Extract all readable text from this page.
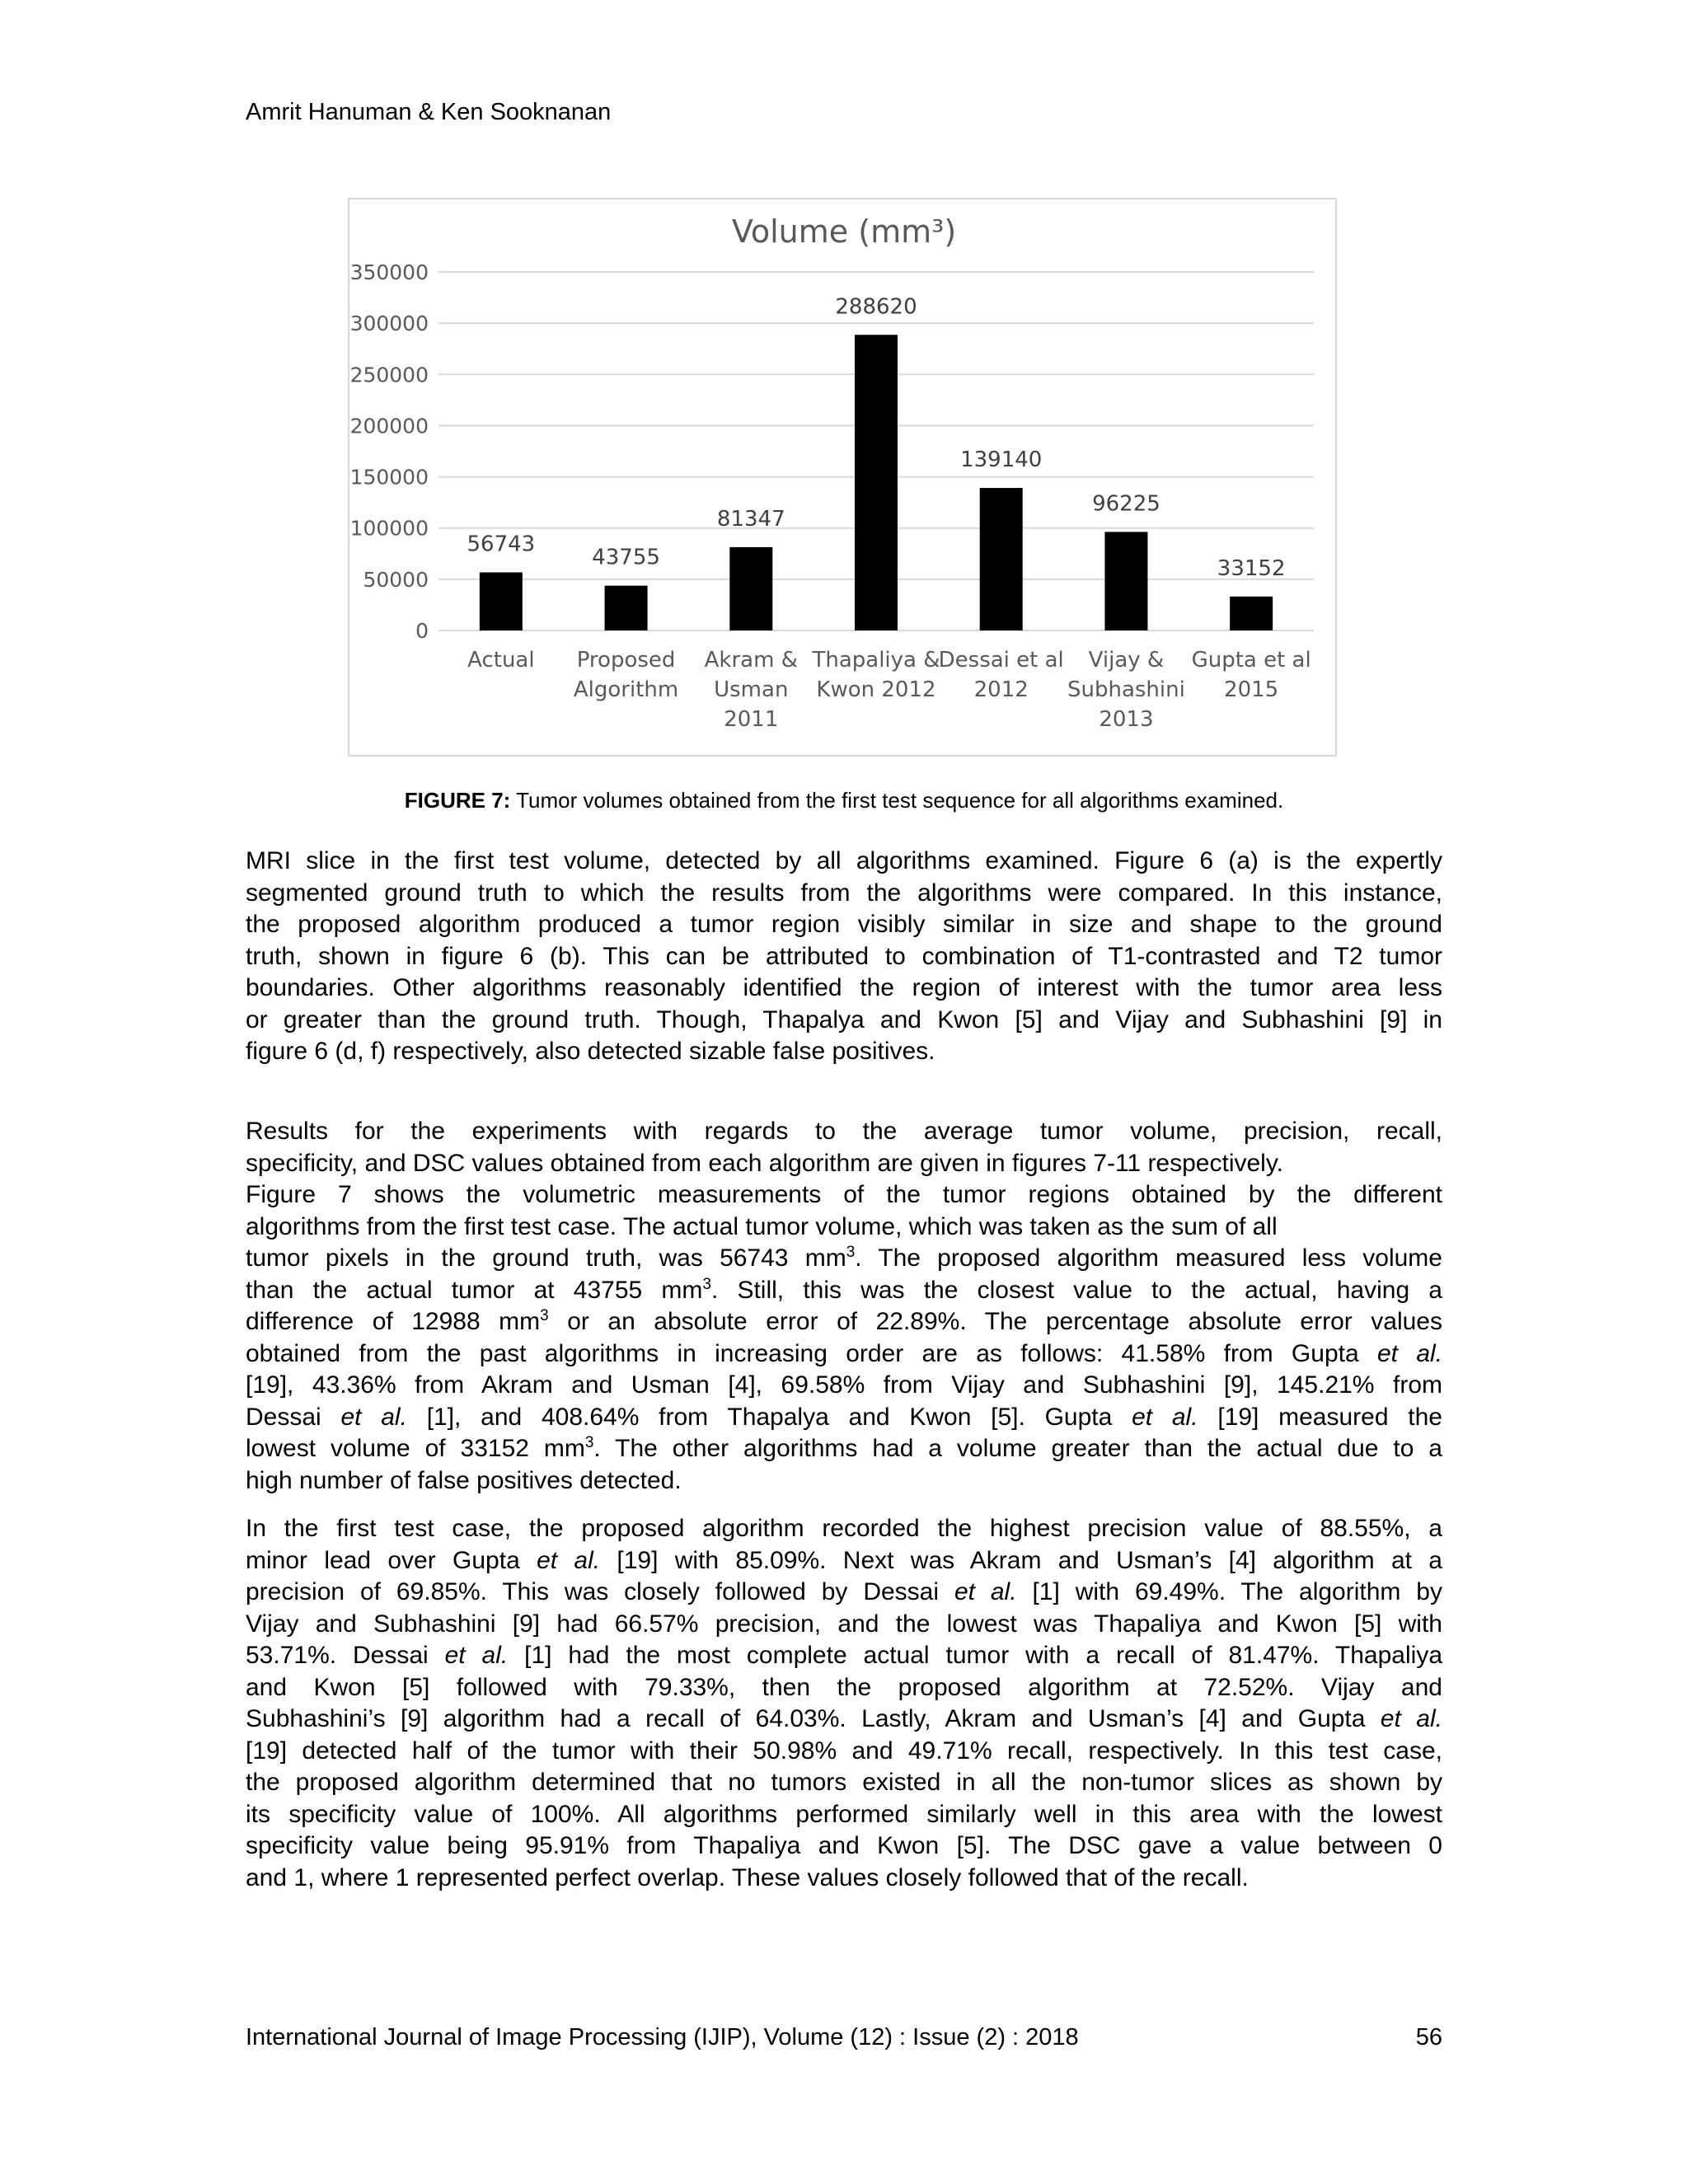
Amrit Hanuman & Ken Sooknanan
Volume (mm³)
0
50000
100000
150000
200000
250000
300000
350000
56743
Actual
43755
Proposed
Algorithm
81347
Akram &
Usman
2011
288620
Thapaliya &
Kwon 2012
139140
Dessai et al
2012
96225
Vijay &
Subhashini
2013
33152
Gupta et al
2015
FIGURE 7: Tumor volumes obtained from the first test sequence for all algorithms examined.
MRI slice in the first test volume, detected by all algorithms examined. Figure 6 (a) is the expertly
segmented ground truth to which the results from the algorithms were compared. In this instance,
the proposed algorithm produced a tumor region visibly similar in size and shape to the ground
truth, shown in figure 6 (b). This can be attributed to combination of T1-contrasted and T2 tumor
boundaries. Other algorithms reasonably identified the region of interest with the tumor area less
or greater than the ground truth. Though, Thapalya and Kwon [5] and Vijay and Subhashini [9] in
figure 6 (d, f) respectively, also detected sizable false positives.
Results for the experiments with regards to the average tumor volume, precision, recall,
specificity, and DSC values obtained from each algorithm are given in figures 7-11 respectively.
Figure 7 shows the volumetric measurements of the tumor regions obtained by the different
algorithms from the first test case. The actual tumor volume, which was taken as the sum of all
tumor pixels in the ground truth, was 56743 $mm^3$. The proposed algorithm measured less volume
than the actual tumor at 43755 $mm^3$. Still, this was the closest value to the actual, having a
difference of 12988 $mm^3$ or an absolute error of 22.89%. The percentage absolute error values
obtained from the past algorithms in increasing order are as follows: 41.58% from Gupta et al.
[19], 43.36% from Akram and Usman [4], 69.58% from Vijay and Subhashini [9], 145.21% from
Dessai et al. [1], and 408.64% from Thapalya and Kwon [5]. Gupta et al. [19] measured the
lowest volume of 33152 $mm^3$. The other algorithms had a volume greater than the actual due to a
high number of false positives detected.
In the first test case, the proposed algorithm recorded the highest precision value of 88.55%, a
minor lead over Gupta et al. [19] with 85.09%. Next was Akram and Usman’s [4] algorithm at a
precision of 69.85%. This was closely followed by Dessai et al. [1] with 69.49%. The algorithm by
Vijay and Subhashini [9] had 66.57% precision, and the lowest was Thapaliya and Kwon [5] with
53.71%. Dessai et al. [1] had the most complete actual tumor with a recall of 81.47%. Thapaliya
and Kwon [5] followed with 79.33%, then the proposed algorithm at 72.52%. Vijay and
Subhashini’s [9] algorithm had a recall of 64.03%. Lastly, Akram and Usman’s [4] and Gupta et al.
[19] detected half of the tumor with their 50.98% and 49.71% recall, respectively. In this test case,
the proposed algorithm determined that no tumors existed in all the non-tumor slices as shown by
its specificity value of 100%. All algorithms performed similarly well in this area with the lowest
specificity value being 95.91% from Thapaliya and Kwon [5]. The DSC gave a value between 0
and 1, where 1 represented perfect overlap. These values closely followed that of the recall.
International Journal of Image Processing (IJIP), Volume (12) : Issue (2) : 2018	56
